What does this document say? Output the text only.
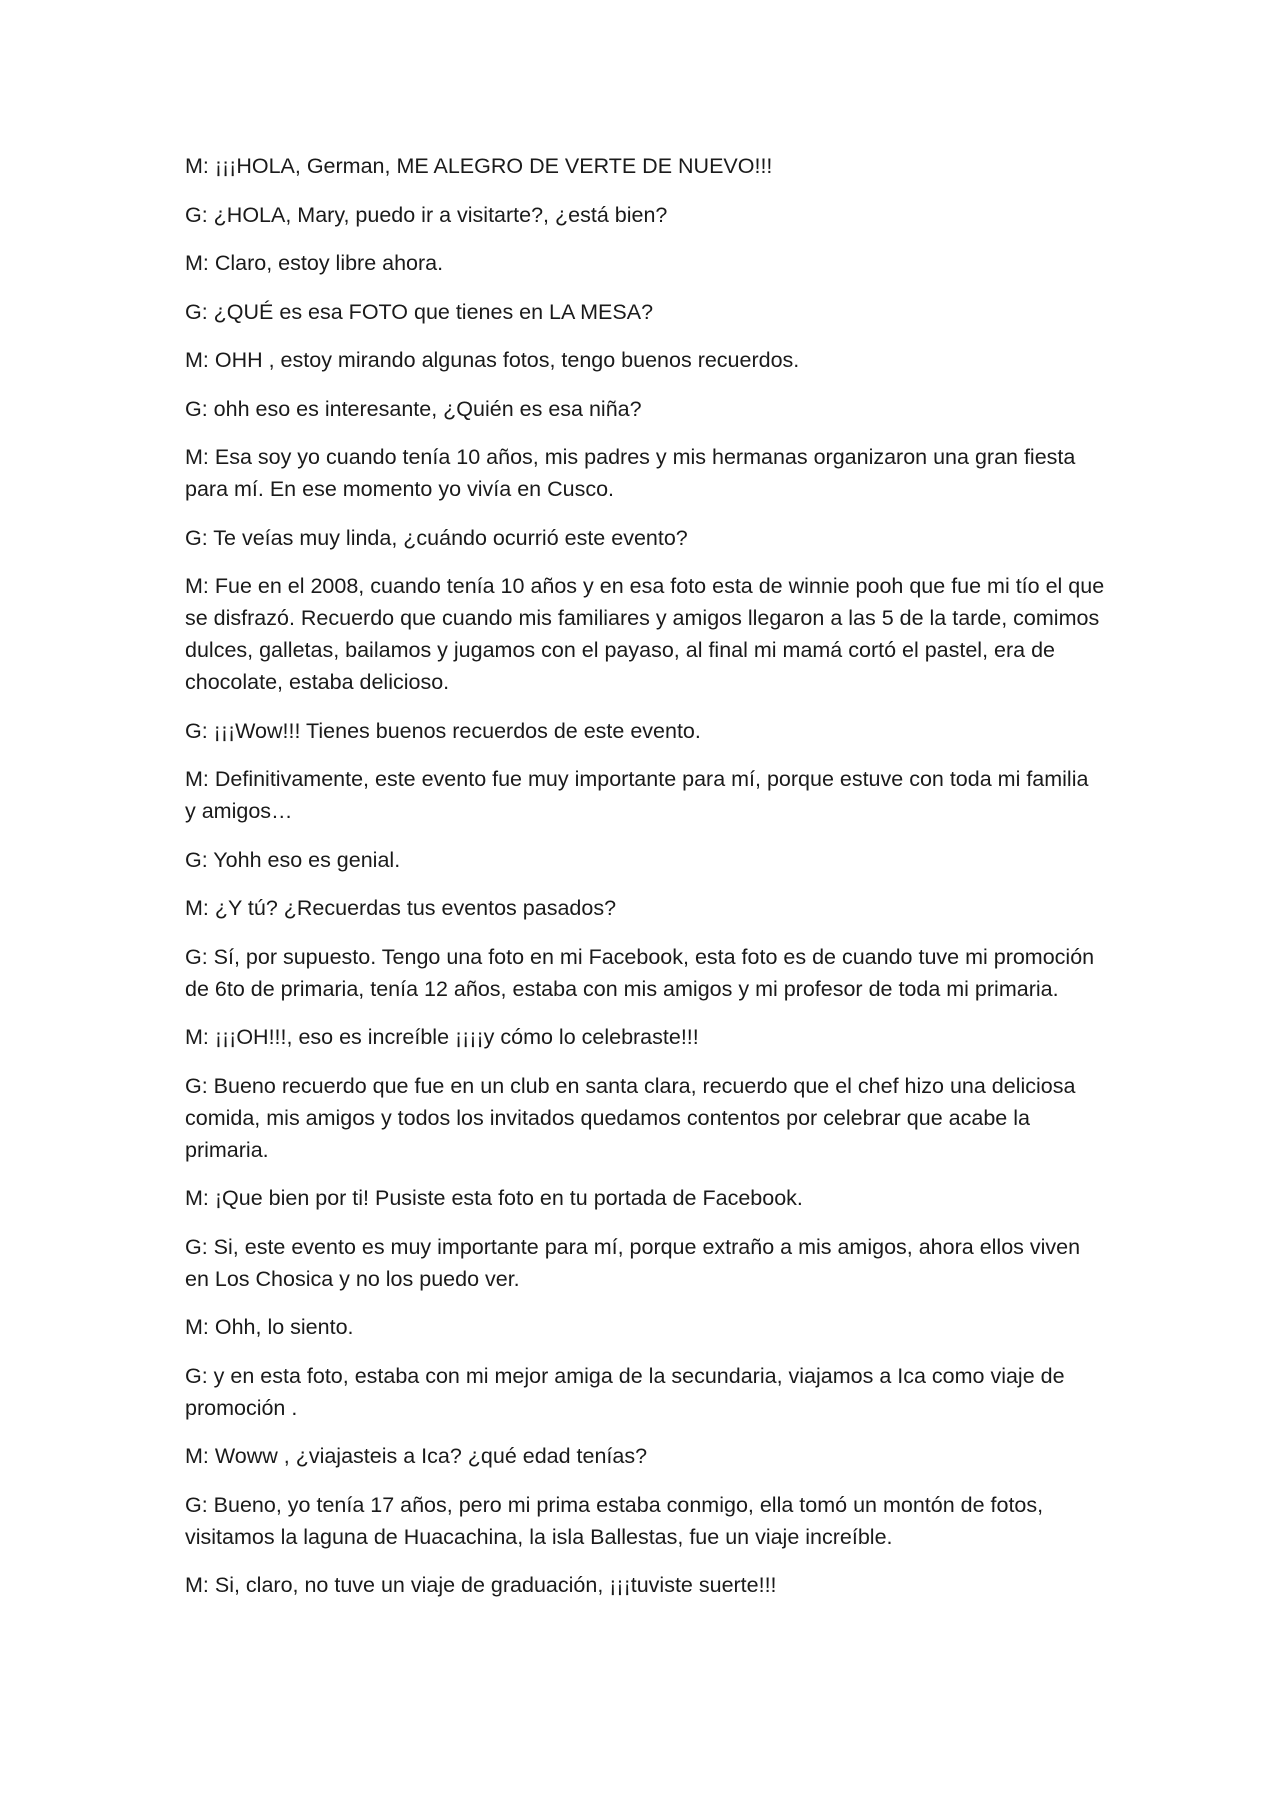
M: ¡¡¡HOLA, German, ME ALEGRO DE VERTE DE NUEVO!!!

G: ¿HOLA, Mary, puedo ir a visitarte?, ¿está bien?

M: Claro, estoy libre ahora.

G: ¿QUÉ es esa FOTO que tienes en LA MESA?

M: OHH , estoy mirando algunas fotos, tengo buenos recuerdos.

G: ohh eso es interesante, ¿Quién es esa niña?

M: Esa soy yo cuando tenía 10 años, mis padres y mis hermanas organizaron una gran fiesta para mí. En ese momento yo vivía en Cusco.

G: Te veías muy linda, ¿cuándo ocurrió este evento?

M: Fue en el 2008, cuando tenía 10 años y en esa foto esta de winnie pooh que fue mi tío el que se disfrazó. Recuerdo que cuando mis familiares y amigos llegaron a las 5 de la tarde, comimos dulces, galletas, bailamos y jugamos con el payaso, al final mi mamá cortó el pastel, era de chocolate, estaba delicioso.

G: ¡¡¡Wow!!! Tienes buenos recuerdos de este evento.

M: Definitivamente, este evento fue muy importante para mí, porque estuve con toda mi familia y amigos…

G: Yohh eso es genial.

M: ¿Y tú? ¿Recuerdas tus eventos pasados?

G: Sí, por supuesto. Tengo una foto en mi Facebook, esta foto es de cuando tuve mi promoción de 6to de primaria, tenía 12 años, estaba con mis amigos y mi profesor de toda mi primaria.

M: ¡¡¡OH!!!, eso es increíble ¡¡¡¡y cómo lo celebraste!!!

G: Bueno recuerdo que fue en un club en santa clara, recuerdo que el chef hizo una deliciosa comida, mis amigos y todos los invitados quedamos contentos por celebrar que acabe la primaria.

M: ¡Que bien por ti! Pusiste esta foto en tu portada de Facebook.

G: Si, este evento es muy importante para mí, porque extraño a mis amigos, ahora ellos viven en Los Chosica y no los puedo ver.

M: Ohh, lo siento.

G: y en esta foto, estaba con mi mejor amiga de la secundaria, viajamos a Ica como viaje de promoción .

M: Woww , ¿viajasteis a Ica? ¿qué edad tenías?

G: Bueno, yo tenía 17 años, pero mi prima estaba conmigo, ella tomó un montón de fotos, visitamos la laguna de Huacachina, la isla Ballestas, fue un viaje increíble.

M: Si, claro, no tuve un viaje de graduación, ¡¡¡tuviste suerte!!!
